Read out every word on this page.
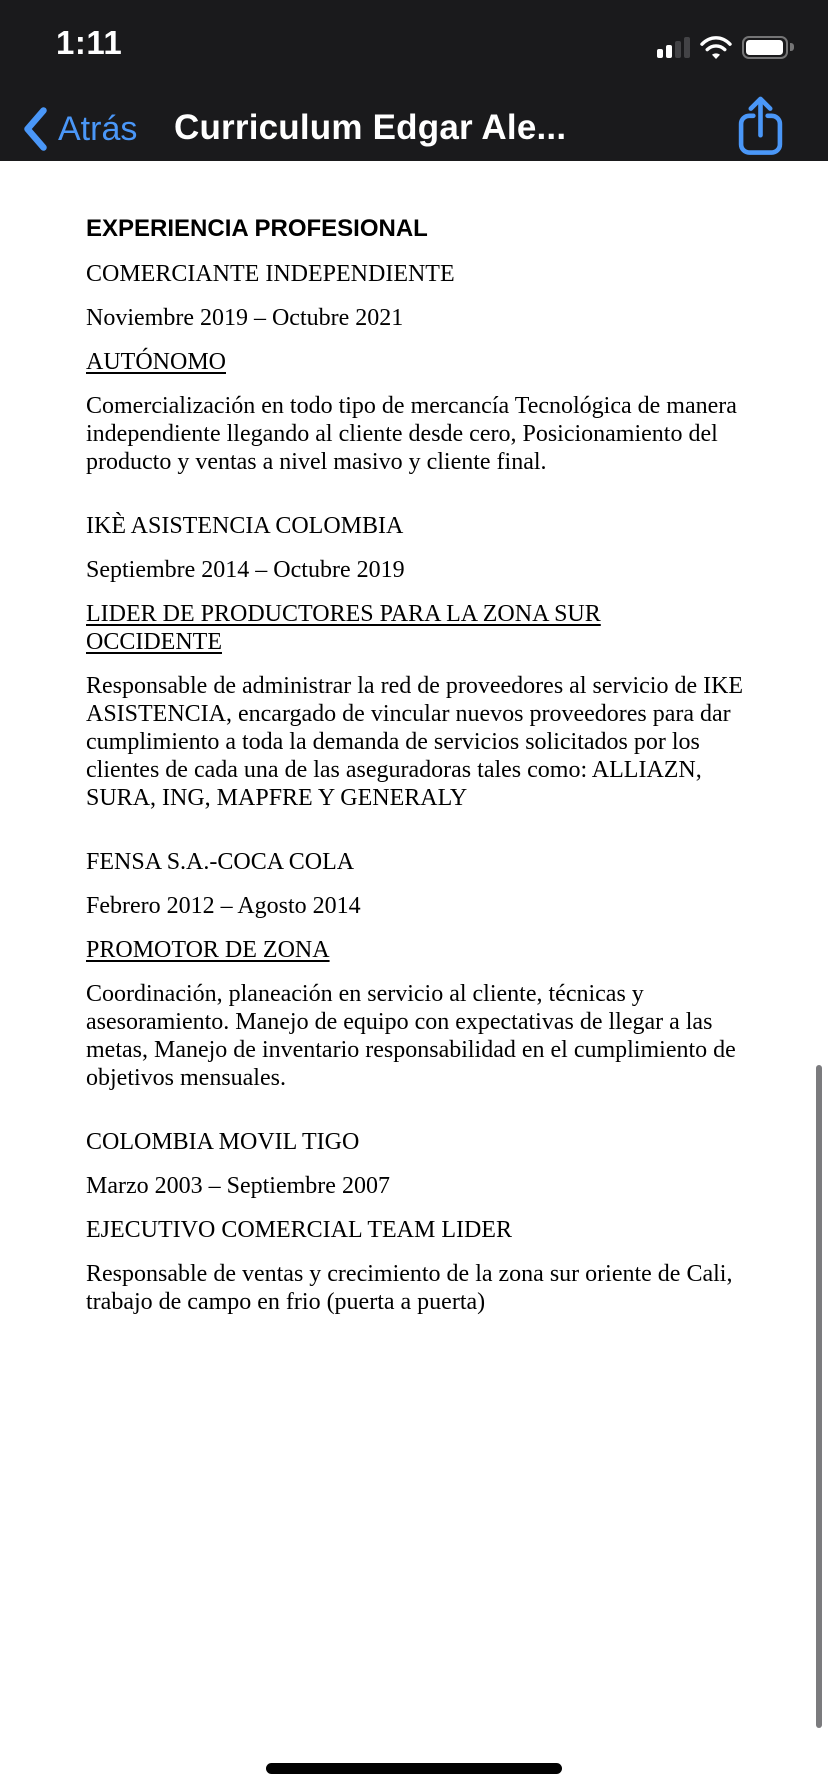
1:11
Atrás Curriculum Edgar Ale...
EXPERIENCIA PROFESIONAL

COMERCIANTE INDEPENDIENTE

Noviembre 2019 – Octubre 2021

AUTÓNOMO

Comercialización en todo tipo de mercancía Tecnológica de manera independiente llegando al cliente desde cero, Posicionamiento del producto y ventas a nivel masivo y cliente final.

IKÈ ASISTENCIA COLOMBIA

Septiembre 2014 – Octubre 2019

LIDER DE PRODUCTORES PARA LA ZONA SUR OCCIDENTE

Responsable de administrar la red de proveedores al servicio de IKE ASISTENCIA, encargado de vincular nuevos proveedores para dar cumplimiento a toda la demanda de servicios solicitados por los clientes de cada una de las aseguradoras tales como: ALLIAZN, SURA, ING, MAPFRE Y GENERALY

FENSA S.A.-COCA COLA

Febrero 2012 – Agosto 2014

PROMOTOR DE ZONA

Coordinación, planeación en servicio al cliente, técnicas y asesoramiento. Manejo de equipo con expectativas de llegar a las metas, Manejo de inventario responsabilidad en el cumplimiento de objetivos mensuales.

COLOMBIA MOVIL TIGO

Marzo 2003 – Septiembre 2007

EJECUTIVO COMERCIAL TEAM LIDER

Responsable de ventas y crecimiento de la zona sur oriente de Cali, trabajo de campo en frio (puerta a puerta)
